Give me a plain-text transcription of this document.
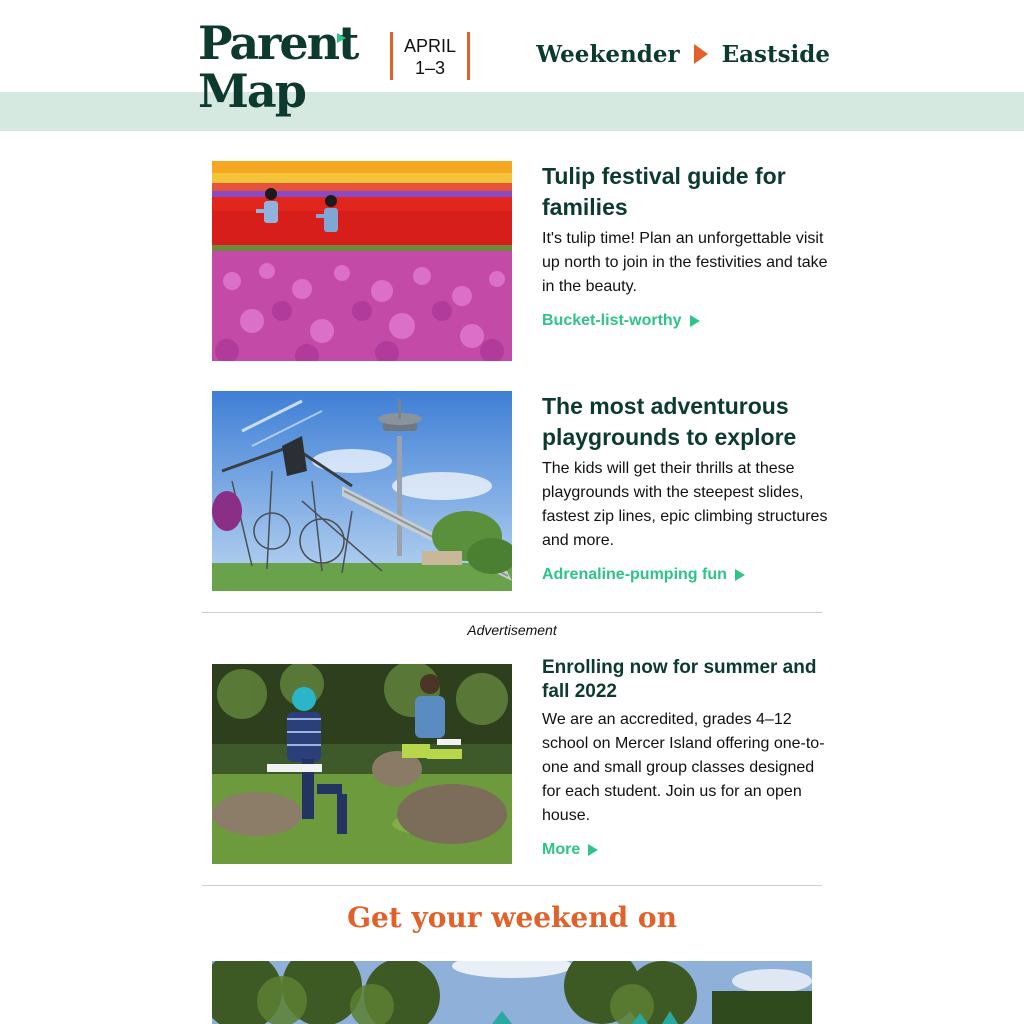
Parent
Map
APRIL
1–3
Weekender Eastside
Tulip festival guide for families

It's tulip time! Plan an unforgettable visit up north to join in the festivities and take in the beauty.

Bucket-list-worthy
The most adventurous playgrounds to explore

The kids will get their thrills at these playgrounds with the steepest slides, fastest zip lines, epic climbing structures and more.

Adrenaline-pumping fun
Advertisement
Enrolling now for summer and fall 2022

We are an accredited, grades 4–12 school on Mercer Island offering one-to-one and small group classes designed for each student. Join us for an open house.

More
Get your weekend on
